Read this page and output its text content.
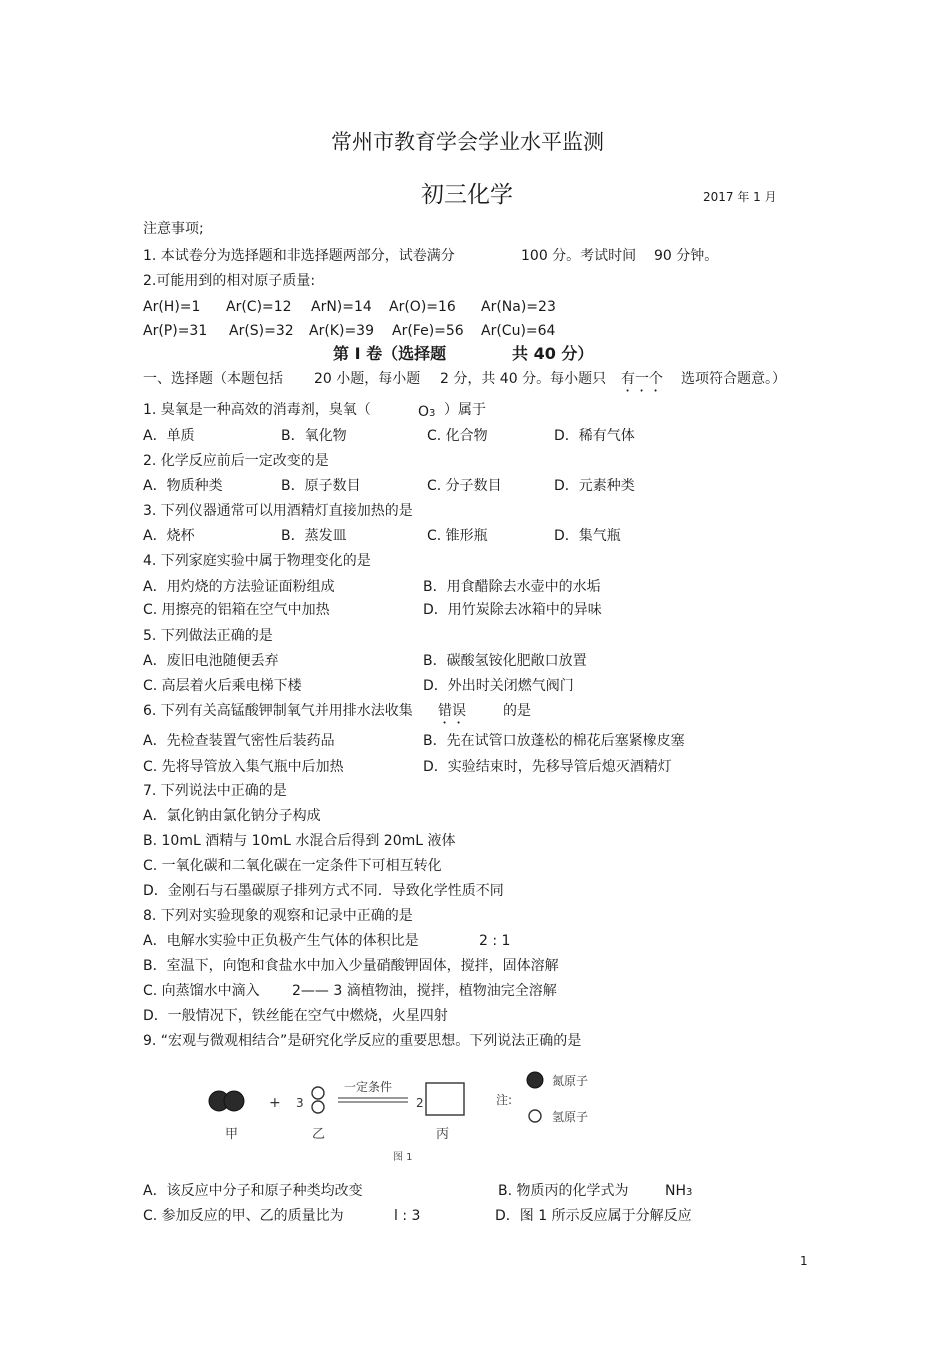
常州市教育学会学业水平监测
初三化学	2017 年 1 月
注意事项;
1. 本试卷分为选择题和非选择题两部分，试卷满分	100 分。考试时间 90 分钟。
2.可能用到的相对原子质量:
Ar(H)=1 Ar(C)=12 ArN)=14 Ar(O)=16 Ar(Na)=23
Ar(P)=31 Ar(S)=32 Ar(K)=39 Ar(Fe)=56 Ar(Cu)=64
第 I 卷（选择题	共 40 分）
一、选择题（本题包括 20 小题，每小题 2 分，共 40 分。每小题只 有一个 选项符合题意。）
1. 臭氧是一种高效的消毒剂，臭氧（	O3 ）属于
A．单质	B．氧化物	C. 化合物	D．稀有气体
2. 化学反应前后一定改变的是
A．物质种类	B．原子数目	C. 分子数目	D．元素种类
3. 下列仪器通常可以用酒精灯直接加热的是
A．烧杯	B．蒸发皿	C. 锥形瓶	D．集气瓶
4. 下列家庭实验中属于物理变化的是
A．用灼烧的方法验证面粉组成	B．用食醋除去水壶中的水垢
C. 用擦亮的铝箱在空气中加热	D．用竹炭除去冰箱中的异味
5. 下列做法正确的是
A．废旧电池随便丢弃	B．碳酸氢铵化肥敞口放置
C. 高层着火后乘电梯下楼	D．外出时关闭燃气阀门
6. 下列有关高锰酸钾制氧气并用排水法收集 错误	的是
A．先检查装置气密性后装药品	B．先在试管口放蓬松的棉花后塞紧橡皮塞
C. 先将导管放入集气瓶中后加热	D．实验结束时，先移导管后熄灭酒精灯
7. 下列说法中正确的是
A．氯化钠由氯化钠分子构成
B. 10mL 酒精与 10mL 水混合后得到 20mL 液体
C. 一氧化碳和二氧化碳在一定条件下可相互转化
D．金刚石与石墨碳原子排列方式不同．导致化学性质不同
8. 下列对实验现象的观察和记录中正确的是
A．电解水实验中正负极产生气体的体积比是	2 : 1
B．室温下，向饱和食盐水中加入少量硝酸钾固体，搅拌，固体溶解
C. 向蒸馏水中滴入 2—— 3 滴植物油，搅拌，植物油完全溶解
D．一般情况下，铁丝能在空气中燃烧，火星四射
9. “宏观与微观相结合”是研究化学反应的重要思想。下列说法正确的是
+ 3
一定条件
2
甲	乙	丙
图 1
注:
氮原子
氢原子
A．该反应中分子和原子种类均改变	B. 物质丙的化学式为	NH3
C. 参加反应的甲、乙的质量比为	l : 3	D．图 1 所示反应属于分解反应
1
